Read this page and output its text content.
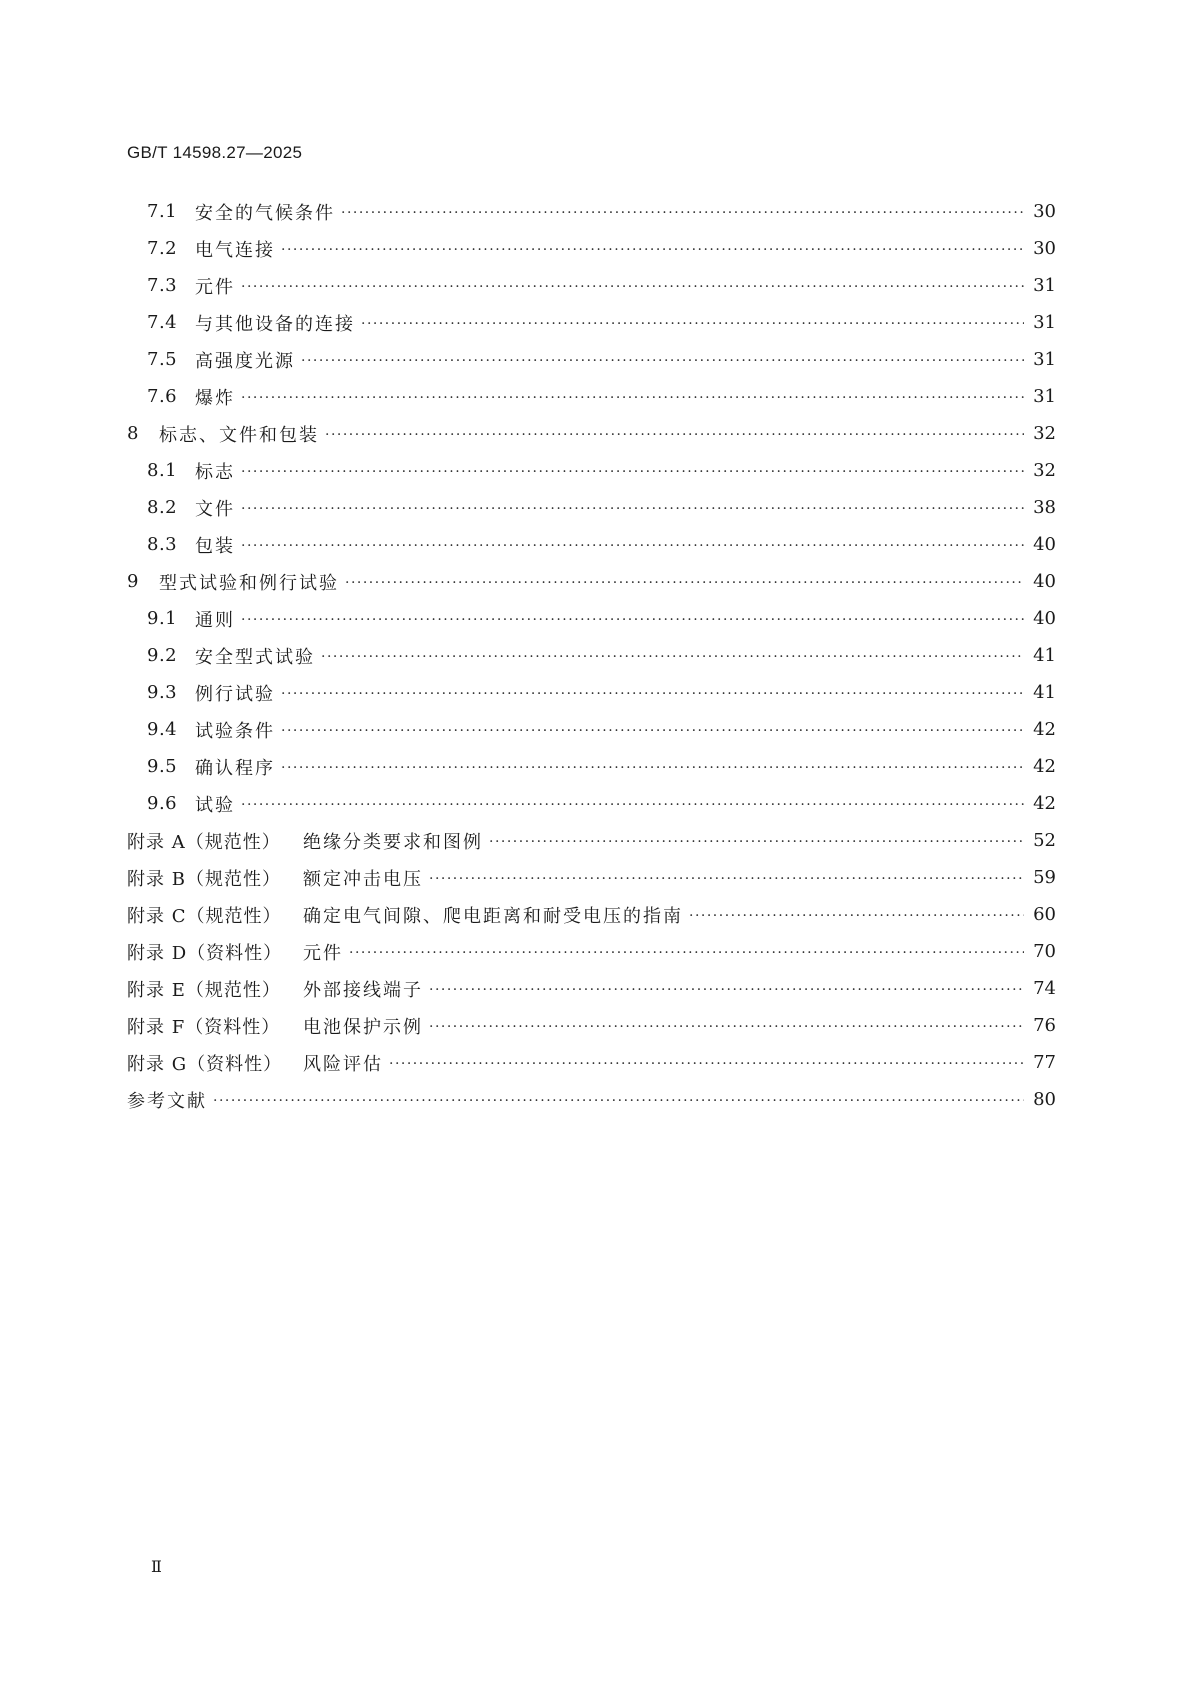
GB/T 14598.27—2025
7.1 安全的气候条件 ·····	30
7.2 电气连接 ·····	30
7.3 元件 ·····	31
7.4 与其他设备的连接 ·····	31
7.5 高强度光源 ·····	31
7.6 爆炸 ·····	31
8	标志、文件和包装 ·····	32
8.1 标志 ·····	32
8.2 文件 ·····	38
8.3 包装 ·····	40
9	型式试验和例行试验 ·····	40
9.1 通则 ·····	40
9.2 安全型式试验 ·····	41
9.3 例行试验 ·····	41
9.4 试验条件 ·····	42
9.5 确认程序 ·····	42
9.6 试验 ·····	42
附录 A（规范性）	绝缘分类要求和图例 ·····	52
附录 B（规范性）	额定冲击电压 ·····	59
附录 C（规范性）	确定电气间隙、爬电距离和耐受电压的指南 ·····	60
附录 D（资料性）	元件 ·····	70
附录 E（规范性）	外部接线端子 ·····	74
附录 F（资料性）	电池保护示例 ·····	76
附录 G（资料性）	风险评估 ·····	77
参考文献 ·····	80
Ⅱ
